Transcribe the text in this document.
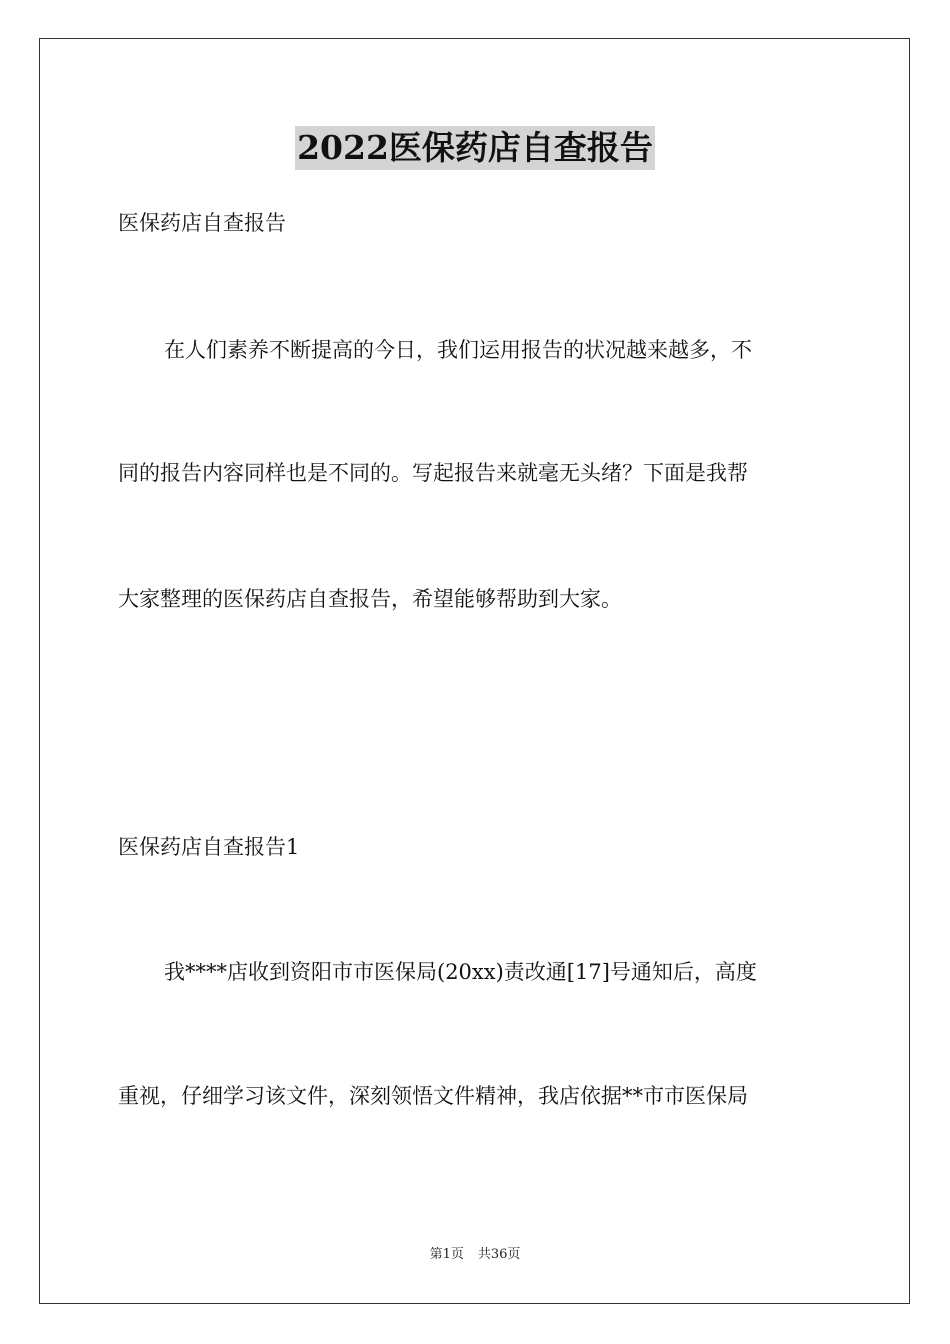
2022医保药店自查报告
医保药店自查报告
在人们素养不断提高的今日，我们运用报告的状况越来越多，不
同的报告内容同样也是不同的。写起报告来就毫无头绪？下面是我帮
大家整理的医保药店自查报告，希望能够帮助到大家。
医保药店自查报告1
我****店收到资阳市市医保局(20xx)责改通[17]号通知后，高度
重视，仔细学习该文件，深刻领悟文件精神，我店依据**市市医保局
第1页 共36页
